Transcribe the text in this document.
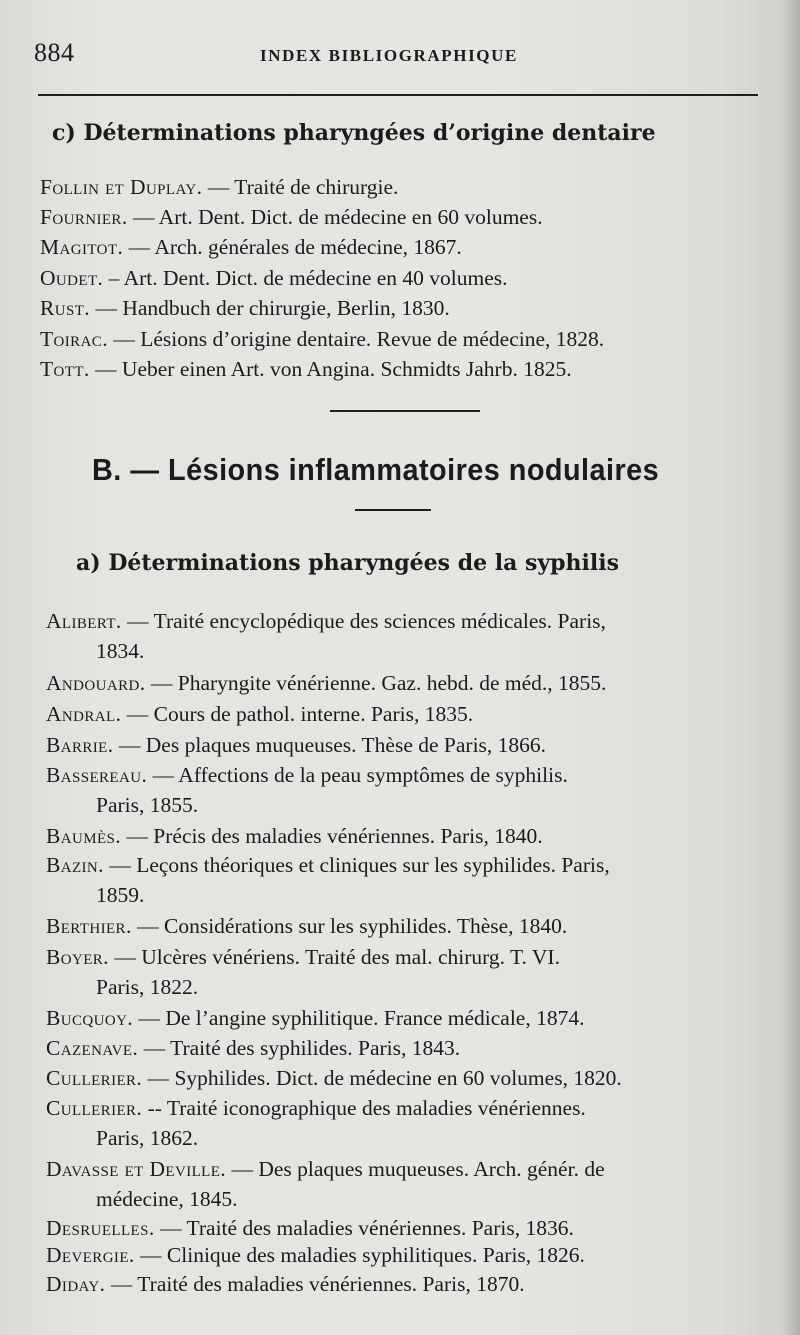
884	INDEX BIBLIOGRAPHIQUE
c) Déterminations pharyngées d’origine dentaire
Follin et Duplay. — Traité de chirurgie.
Fournier. — Art. Dent. Dict. de médecine en 60 volumes.
Magitot. — Arch. générales de médecine, 1867.
Oudet. – Art. Dent. Dict. de médecine en 40 volumes.
Rust. — Handbuch der chirurgie, Berlin, 1830.
Toirac. — Lésions d’origine dentaire. Revue de médecine, 1828.
Tott. — Ueber einen Art. von Angina. Schmidts Jahrb. 1825.
B. — Lésions inflammatoires nodulaires
a) Déterminations pharyngées de la syphilis
Alibert. — Traité encyclopédique des sciences médicales. Paris,
1834.
Andouard. — Pharyngite vénérienne. Gaz. hebd. de méd., 1855.
Andral. — Cours de pathol. interne. Paris, 1835.
Barrie. — Des plaques muqueuses. Thèse de Paris, 1866.
Bassereau. — Affections de la peau symptômes de syphilis.
Paris, 1855.
Baumès. — Précis des maladies vénériennes. Paris, 1840.
Bazin. — Leçons théoriques et cliniques sur les syphilides. Paris,
1859.
Berthier. — Considérations sur les syphilides. Thèse, 1840.
Boyer. — Ulcères vénériens. Traité des mal. chirurg. T. VI.
Paris, 1822.
Bucquoy. — De l’angine syphilitique. France médicale, 1874.
Cazenave. — Traité des syphilides. Paris, 1843.
Cullerier. — Syphilides. Dict. de médecine en 60 volumes, 1820.
Cullerier. -- Traité iconographique des maladies vénériennes.
Paris, 1862.
Davasse et Deville. — Des plaques muqueuses. Arch. génér. de
médecine, 1845.
Desruelles. — Traité des maladies vénériennes. Paris, 1836.
Devergie. — Clinique des maladies syphilitiques. Paris, 1826.
Diday. — Traité des maladies vénériennes. Paris, 1870.
